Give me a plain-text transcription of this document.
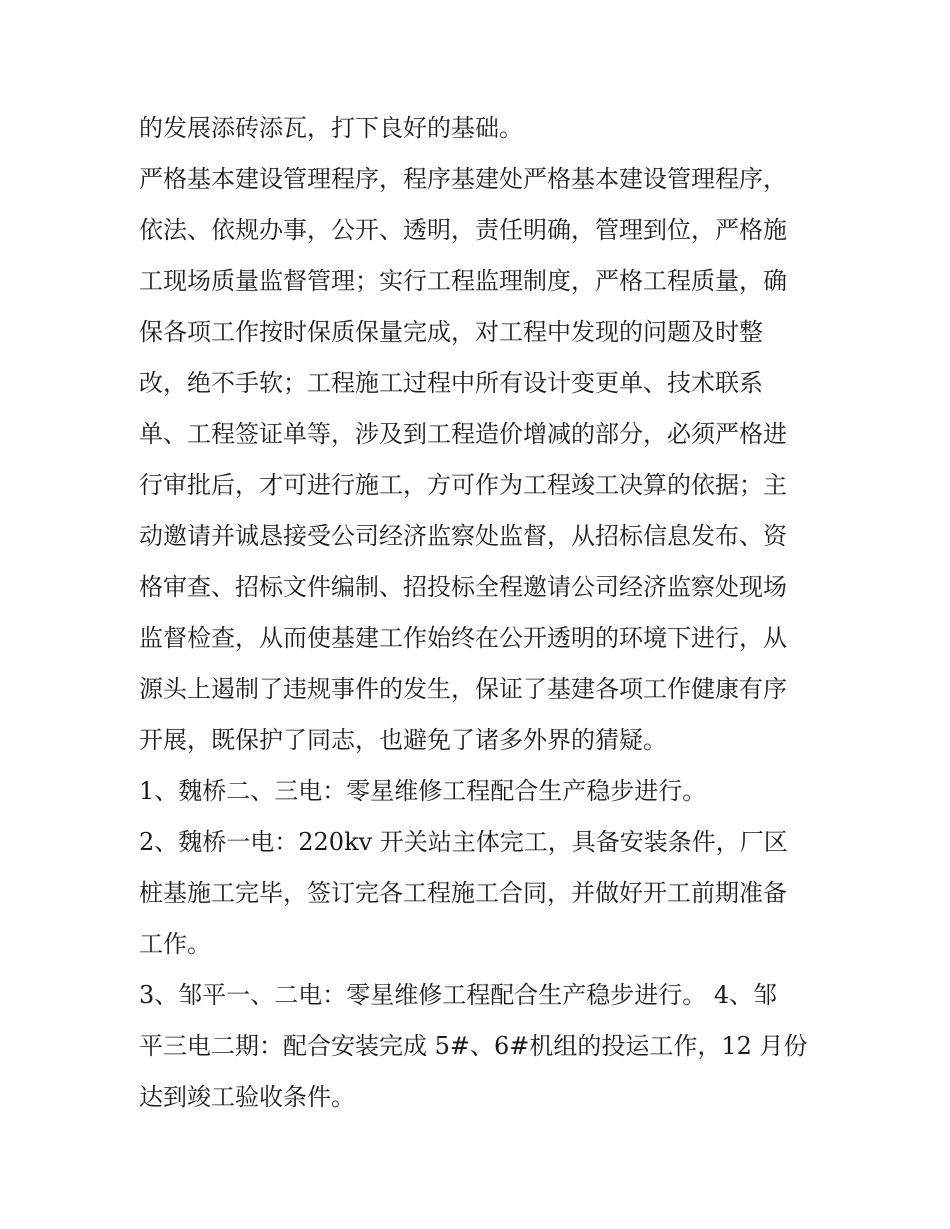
的发展添砖添瓦，打下良好的基础。
严格基本建设管理程序，程序基建处严格基本建设管理程序，
依法、依规办事，公开、透明，责任明确，管理到位，严格施
工现场质量监督管理；实行工程监理制度，严格工程质量，确
保各项工作按时保质保量完成，对工程中发现的问题及时整
改，绝不手软；工程施工过程中所有设计变更单、技术联系
单、工程签证单等，涉及到工程造价增减的部分，必须严格进
行审批后，才可进行施工，方可作为工程竣工决算的依据；主
动邀请并诚恳接受公司经济监察处监督，从招标信息发布、资
格审查、招标文件编制、招投标全程邀请公司经济监察处现场
监督检查，从而使基建工作始终在公开透明的环境下进行，从
源头上遏制了违规事件的发生，保证了基建各项工作健康有序
开展，既保护了同志，也避免了诸多外界的猜疑。
1、魏桥二、三电：零星维修工程配合生产稳步进行。
2、魏桥一电：220kv 开关站主体完工，具备安装条件，厂区
桩基施工完毕，签订完各工程施工合同，并做好开工前期准备
工作。
3、邹平一、二电：零星维修工程配合生产稳步进行。 4、邹
平三电二期：配合安装完成 5#、6#机组的投运工作，12 月份
达到竣工验收条件。
